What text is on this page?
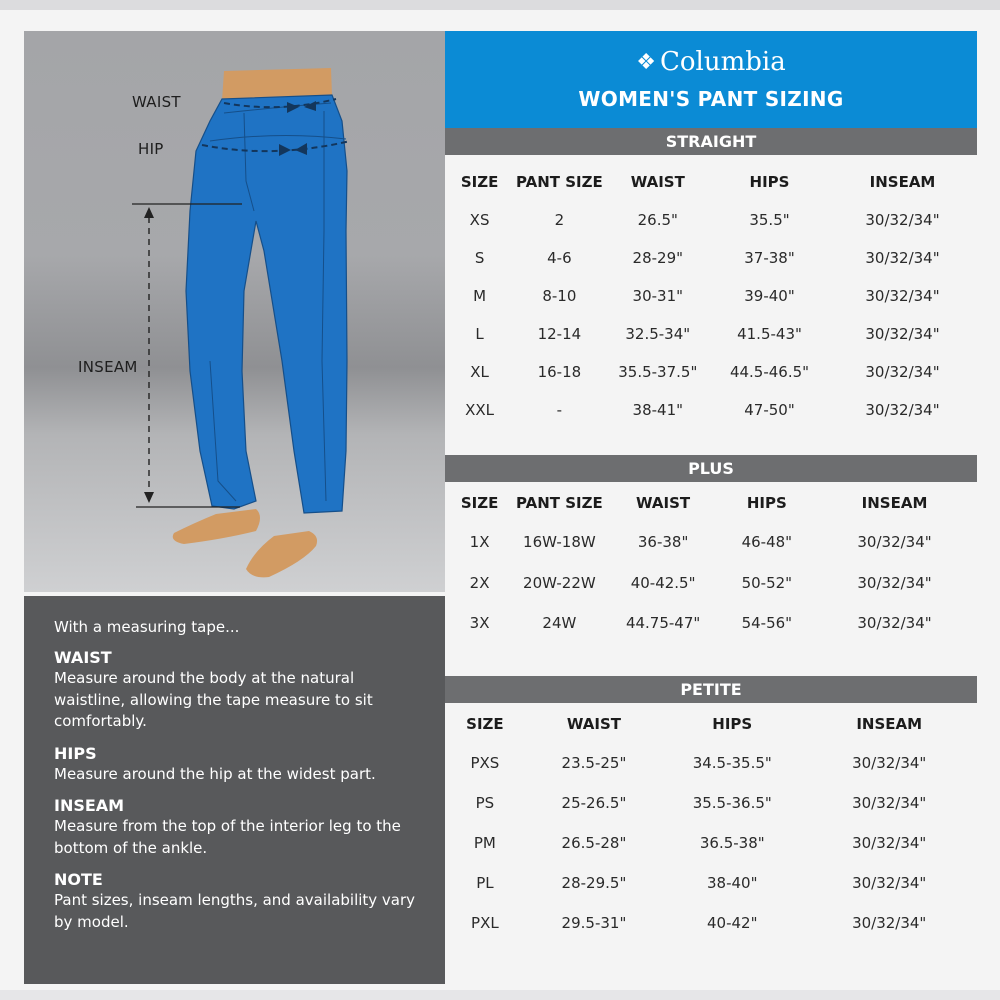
WAIST
HIP
INSEAM
With a measuring tape...
WAIST
Measure around the body at the natural waistline, allowing the tape measure to sit comfortably.
HIPS
Measure around the hip at the widest part.
INSEAM
Measure from the top of the interior leg to the bottom of the ankle.
NOTE
Pant sizes, inseam lengths, and availability vary by model.
❖ Columbia
WOMEN'S PANT SIZING
STRAIGHT
SIZE	PANT SIZE	WAIST	HIPS	INSEAM
XS	2	26.5"	35.5"	30/32/34"
S	4-6	28-29"	37-38"	30/32/34"
M	8-10	30-31"	39-40"	30/32/34"
L	12-14	32.5-34"	41.5-43"	30/32/34"
XL	16-18	35.5-37.5"	44.5-46.5"	30/32/34"
XXL	-	38-41"	47-50"	30/32/34"
PLUS
SIZE	PANT SIZE	WAIST	HIPS	INSEAM
1X	16W-18W	36-38"	46-48"	30/32/34"
2X	20W-22W	40-42.5"	50-52"	30/32/34"
3X	24W	44.75-47"	54-56"	30/32/34"
PETITE
SIZE	WAIST	HIPS	INSEAM
PXS	23.5-25"	34.5-35.5"	30/32/34"
PS	25-26.5"	35.5-36.5"	30/32/34"
PM	26.5-28"	36.5-38"	30/32/34"
PL	28-29.5"	38-40"	30/32/34"
PXL	29.5-31"	40-42"	30/32/34"
